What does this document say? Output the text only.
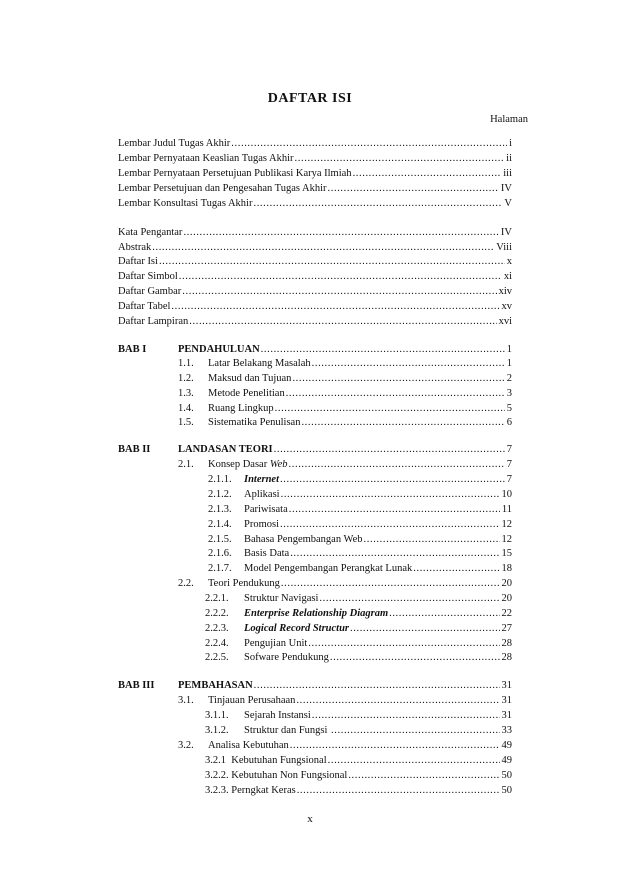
DAFTAR ISI
Halaman
Lembar Judul Tugas Akhir .....	i
Lembar Pernyataan Keaslian Tugas Akhir .....	ii
Lembar Pernyataan Persetujuan Publikasi Karya Ilmiah .....	iii
Lembar Persetujuan dan Pengesahan Tugas Akhir .....	IV
Lembar Konsultasi Tugas Akhir .....	V
Kata Pengantar .....	IV
Abstrak .....	Viii
Daftar Isi .....	x
Daftar Simbol .....	xi
Daftar Gambar .....	xiv
Daftar Tabel .....	xv
Daftar Lampiran .....	xvi
BAB I	PENDAHULUAN .....	1
1.1.	Latar Belakang Masalah .....	1
1.2.	Maksud dan Tujuan .....	2
1.3.	Metode Penelitian .....	3
1.4.	Ruang Lingkup .....	5
1.5.	Sistematika Penulisan .....	6
BAB II	LANDASAN TEORI .....	7
2.1.	Konsep Dasar Web .....	7
2.1.1.	Internet .....	7
2.1.2.	Aplikasi .....	10
2.1.3.	Pariwisata .....	11
2.1.4.	Promosi .....	12
2.1.5.	Bahasa Pengembangan Web .....	12
2.1.6.	Basis Data .....	15
2.1.7.	Model Pengembangan Perangkat Lunak .....	18
2.2.	Teori Pendukung .....	20
2.2.1.	Struktur Navigasi .....	20
2.2.2.	Enterprise Relationship Diagram .....	22
2.2.3.	Logical Record Structur .....	27
2.2.4.	Pengujian Unit .....	28
2.2.5.	Sofware Pendukung .....	28
BAB III PEMBAHASAN .....	31
3.1.	Tinjauan Perusahaan .....	31
3.1.1.	Sejarah Instansi .....	31
3.1.2.	Struktur dan Fungsi .....	33
3.2.	Analisa Kebutuhan .....	49
3.2.1  Kebutuhan Fungsional .....	49
3.2.2. Kebutuhan Non Fungsional .....	50
3.2.3. Perngkat Keras .....	50
x
